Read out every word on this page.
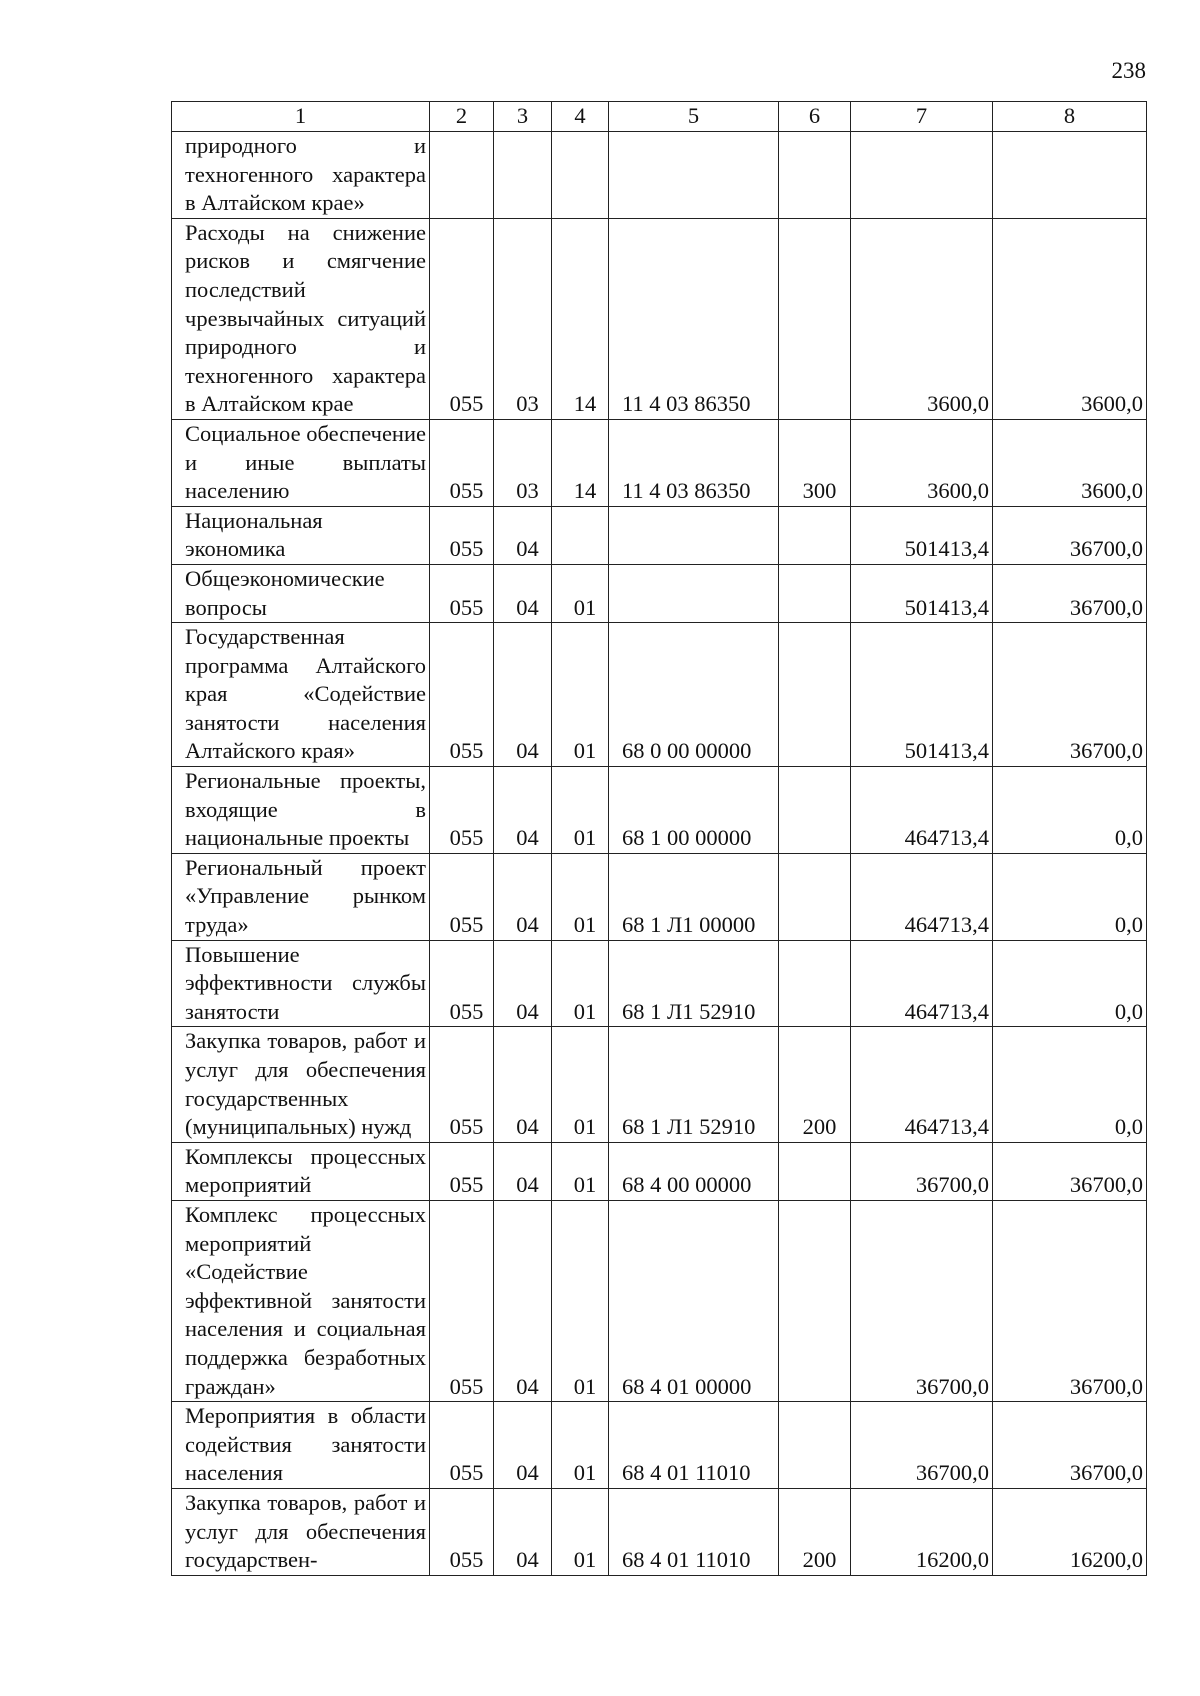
238
1	2	3	4	5	6	7	8
природного и техногенного характера в Алтайском крае»							
Расходы на снижение рисков и смягчение последствий чрезвычайных ситуаций природного и техногенного характера в Алтайском крае	055	03	14	11 4 03 86350		3600,0	3600,0
Социальное обеспечение и иные выплаты населению	055	03	14	11 4 03 86350	300	3600,0	3600,0
Национальная экономика	055	04				501413,4	36700,0
Общеэкономические вопросы	055	04	01			501413,4	36700,0
Государственная программа Алтайского края «Содействие занятости населения Алтайского края»	055	04	01	68 0 00 00000		501413,4	36700,0
Региональные проекты, входящие в национальные проекты	055	04	01	68 1 00 00000		464713,4	0,0
Региональный проект «Управление рынком труда»	055	04	01	68 1 Л1 00000		464713,4	0,0
Повышение эффективности службы занятости	055	04	01	68 1 Л1 52910		464713,4	0,0
Закупка товаров, работ и услуг для обеспечения государственных (муниципальных) нужд	055	04	01	68 1 Л1 52910	200	464713,4	0,0
Комплексы процессных мероприятий	055	04	01	68 4 00 00000		36700,0	36700,0
Комплекс процессных мероприятий «Содействие эффективной занятости населения и социальная поддержка безработных граждан»	055	04	01	68 4 01 00000		36700,0	36700,0
Мероприятия в области содействия занятости населения	055	04	01	68 4 01 11010		36700,0	36700,0
Закупка товаров, работ и услуг для обеспечения государствен-	055	04	01	68 4 01 11010	200	16200,0	16200,0
